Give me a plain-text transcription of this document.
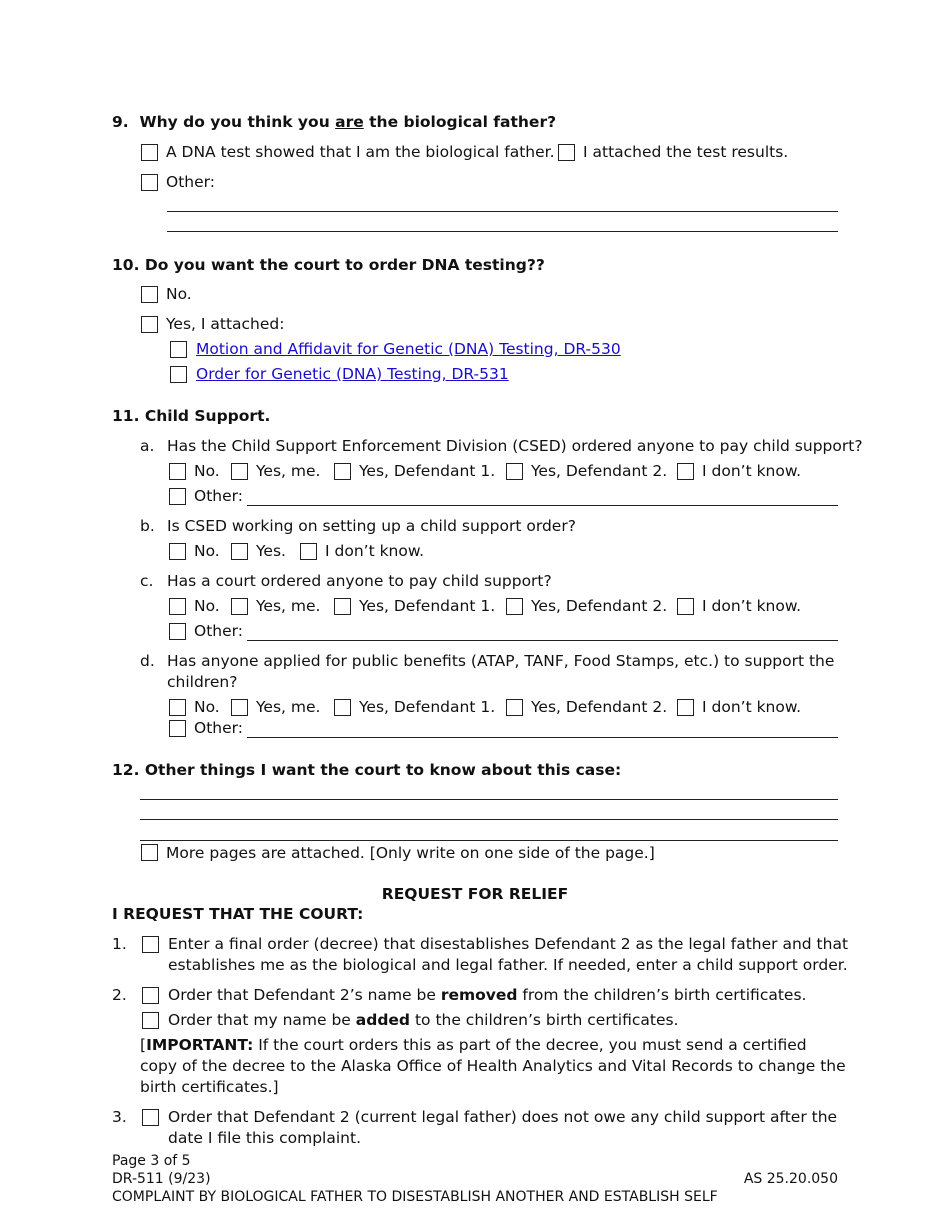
9. Why do you think you are the biological father?
A DNA test showed that I am the biological father. I attached the test results.
Other:
10. Do you want the court to order DNA testing??
No.
Yes, I attached:
Motion and Affidavit for Genetic (DNA) Testing, DR-530
Order for Genetic (DNA) Testing, DR-531
11. Child Support.
a. Has the Child Support Enforcement Division (CSED) ordered anyone to pay child support?
No. Yes, me. Yes, Defendant 1. Yes, Defendant 2. I don’t know.
Other:
b. Is CSED working on setting up a child support order?
No. Yes.	I don’t know.
c. Has a court ordered anyone to pay child support?
No. Yes, me. Yes, Defendant 1. Yes, Defendant 2. I don’t know.
Other:
d. Has anyone applied for public benefits (ATAP, TANF, Food Stamps, etc.) to support the
children?
No. Yes, me. Yes, Defendant 1. Yes, Defendant 2. I don’t know.
Other:
12. Other things I want the court to know about this case:
More pages are attached. [Only write on one side of the page.]
REQUEST FOR RELIEF
I REQUEST THAT THE COURT:
1.	Enter a final order (decree) that disestablishes Defendant 2 as the legal father and that
establishes me as the biological and legal father. If needed, enter a child support order.
2.	Order that Defendant 2’s name be removed from the children’s birth certificates.
Order that my name be added to the children’s birth certificates.
[IMPORTANT: If the court orders this as part of the decree, you must send a certified
copy of the decree to the Alaska Office of Health Analytics and Vital Records to change the
birth certificates.]
3.	Order that Defendant 2 (current legal father) does not owe any child support after the
date I file this complaint.
Page 3 of 5
DR-511 (9/23)	AS 25.20.050
COMPLAINT BY BIOLOGICAL FATHER TO DISESTABLISH ANOTHER AND ESTABLISH SELF
